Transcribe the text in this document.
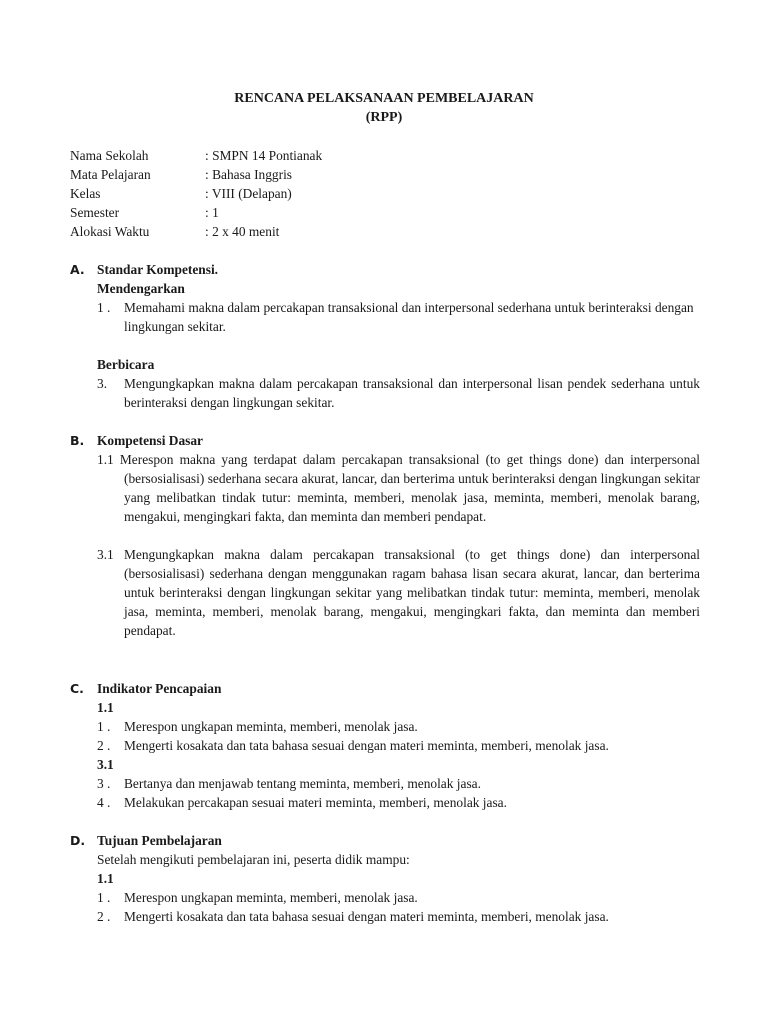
RENCANA PELAKSANAAN PEMBELAJARAN
(RPP)
Nama Sekolah	: SMPN 14 Pontianak
Mata Pelajaran	: Bahasa Inggris
Kelas	: VIII (Delapan)
Semester	: 1
Alokasi Waktu	: 2 x 40 menit
A. Standar Kompetensi.
Mendengarkan
1 .	Memahami makna dalam percakapan transaksional dan interpersonal sederhana untuk berinteraksi dengan lingkungan sekitar.
Berbicara
3.	Mengungkapkan makna dalam percakapan transaksional dan interpersonal lisan pendek sederhana untuk berinteraksi dengan lingkungan sekitar.
B. Kompetensi Dasar
1.1 Merespon makna yang terdapat dalam percakapan transaksional (to get things done) dan interpersonal (bersosialisasi) sederhana secara akurat, lancar, dan berterima untuk berinteraksi dengan lingkungan sekitar yang melibatkan tindak tutur: meminta, memberi, menolak jasa, meminta, memberi, menolak barang, mengakui, mengingkari fakta, dan meminta dan memberi pendapat.
3.1 Mengungkapkan makna dalam percakapan transaksional (to get things done) dan interpersonal (bersosialisasi) sederhana dengan menggunakan ragam bahasa lisan secara akurat, lancar, dan berterima untuk berinteraksi dengan lingkungan sekitar yang melibatkan tindak tutur: meminta, memberi, menolak jasa, meminta, memberi, menolak barang, mengakui, mengingkari fakta, dan meminta dan memberi pendapat.
C. Indikator Pencapaian
1.1
1 .	Merespon ungkapan meminta, memberi, menolak jasa.
2 .	Mengerti kosakata dan tata bahasa sesuai dengan materi meminta, memberi, menolak jasa.
3.1
3 .	Bertanya dan menjawab tentang meminta, memberi, menolak jasa.
4 .	Melakukan percakapan sesuai materi meminta, memberi, menolak jasa.
D. Tujuan Pembelajaran
Setelah mengikuti pembelajaran ini, peserta didik mampu:
1.1
1 .	Merespon ungkapan meminta, memberi, menolak jasa.
2 .	Mengerti kosakata dan tata bahasa sesuai dengan materi meminta, memberi, menolak jasa.
